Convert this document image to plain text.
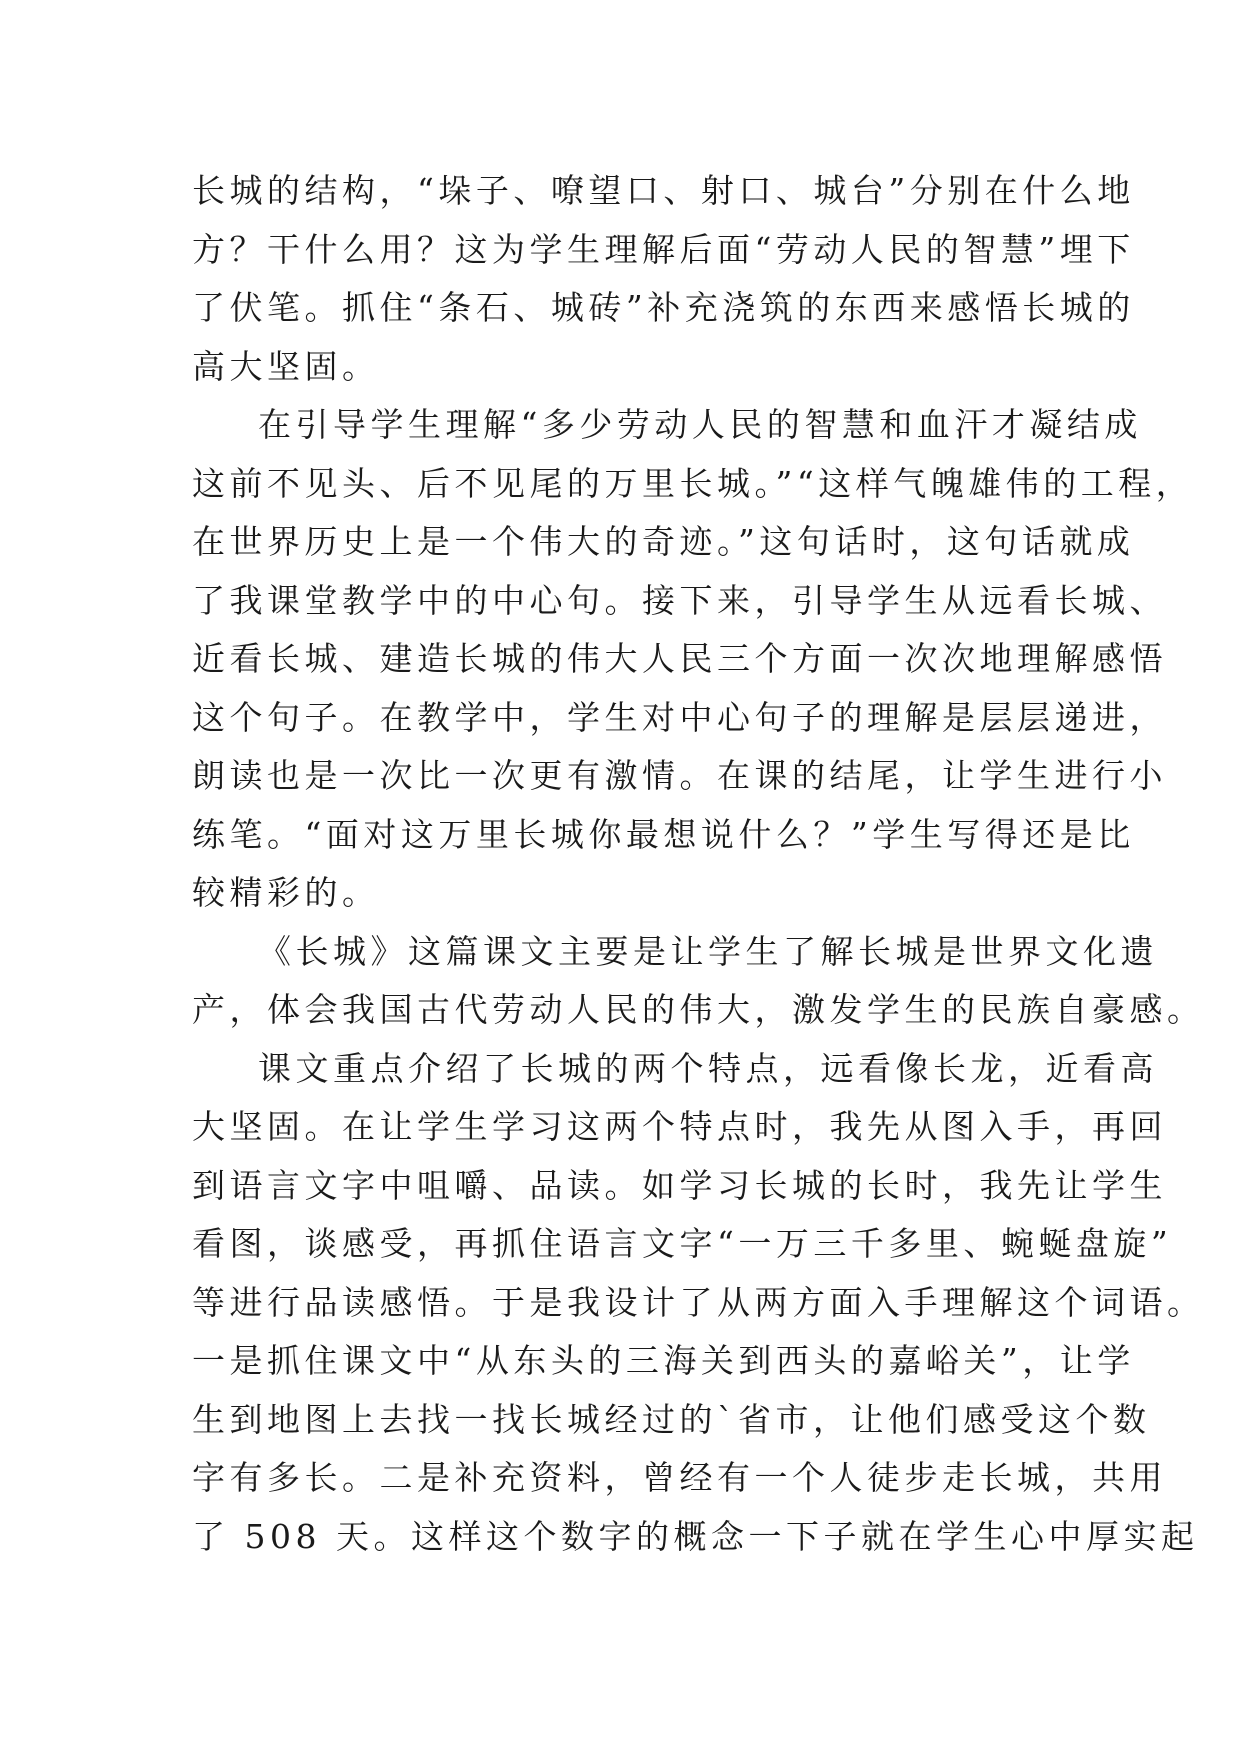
长城的结构，“垛子、嘹望口、射口、城台”分别在什么地
方？干什么用？这为学生理解后面“劳动人民的智慧”埋下
了伏笔。抓住“条石、城砖”补充浇筑的东西来感悟长城的
高大坚固。
在引导学生理解“多少劳动人民的智慧和血汗才凝结成
这前不见头、后不见尾的万里长城。”“这样气魄雄伟的工程，
在世界历史上是一个伟大的奇迹。”这句话时，这句话就成
了我课堂教学中的中心句。接下来，引导学生从远看长城、
近看长城、建造长城的伟大人民三个方面一次次地理解感悟
这个句子。在教学中，学生对中心句子的理解是层层递进，
朗读也是一次比一次更有激情。在课的结尾，让学生进行小
练笔。“面对这万里长城你最想说什么？”学生写得还是比
较精彩的。
《长城》这篇课文主要是让学生了解长城是世界文化遗
产，体会我国古代劳动人民的伟大，激发学生的民族自豪感。
课文重点介绍了长城的两个特点，远看像长龙，近看高
大坚固。在让学生学习这两个特点时，我先从图入手，再回
到语言文字中咀嚼、品读。如学习长城的长时，我先让学生
看图，谈感受，再抓住语言文字“一万三千多里、蜿蜒盘旋”
等进行品读感悟。于是我设计了从两方面入手理解这个词语。
一是抓住课文中“从东头的三海关到西头的嘉峪关”，让学
生到地图上去找一找长城经过的`省市，让他们感受这个数
字有多长。二是补充资料，曾经有一个人徒步走长城，共用
了 508 天。这样这个数字的概念一下子就在学生心中厚实起
